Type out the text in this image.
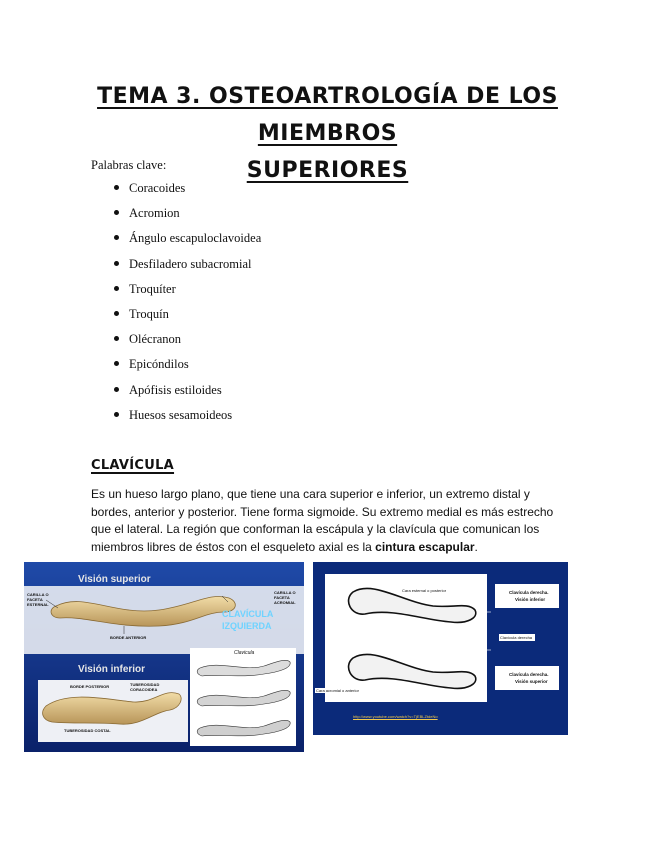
TEMA 3. OSTEOARTROLOGÍA DE LOS MIEMBROS
SUPERIORES
Palabras clave:
Coracoides
Acromion
Ángulo escapuloclavoidea
Desfiladero subacromial
Troquíter
Troquín
Olécranon
Epicóndilos
Apófisis estiloides
Huesos sesamoideos
CLAVÍCULA

Es un hueso largo plano, que tiene una cara superior e inferior, un extremo distal y bordes, anterior y posterior. Tiene forma sigmoide. Su extremo medial es más estrecho que el lateral. La región que conforman la escápula y la clavícula que comunican los miembros libres de éstos con el esqueleto axial es la cintura escapular.

Visión superior
Visión inferior
CLAVÍCULA
IZQUIERDA
CARILLA O FACETA ESTERNAL
CARILLA O FACETA ACROMIAL
BORDE ANTERIOR
BORDE POSTERIOR	TUBEROSIDAD CORACOIDEA
TUBEROSIDAD COSTAL
Clavicula
Cara esternal o posterior
Cara acromial o anterior
Clavícula derecha
Clavícula derecha.
Visión inferior
Clavícula derecha.
Visión superior
http://www.youtube.com/watch?v=TjEBLZtdeNo
